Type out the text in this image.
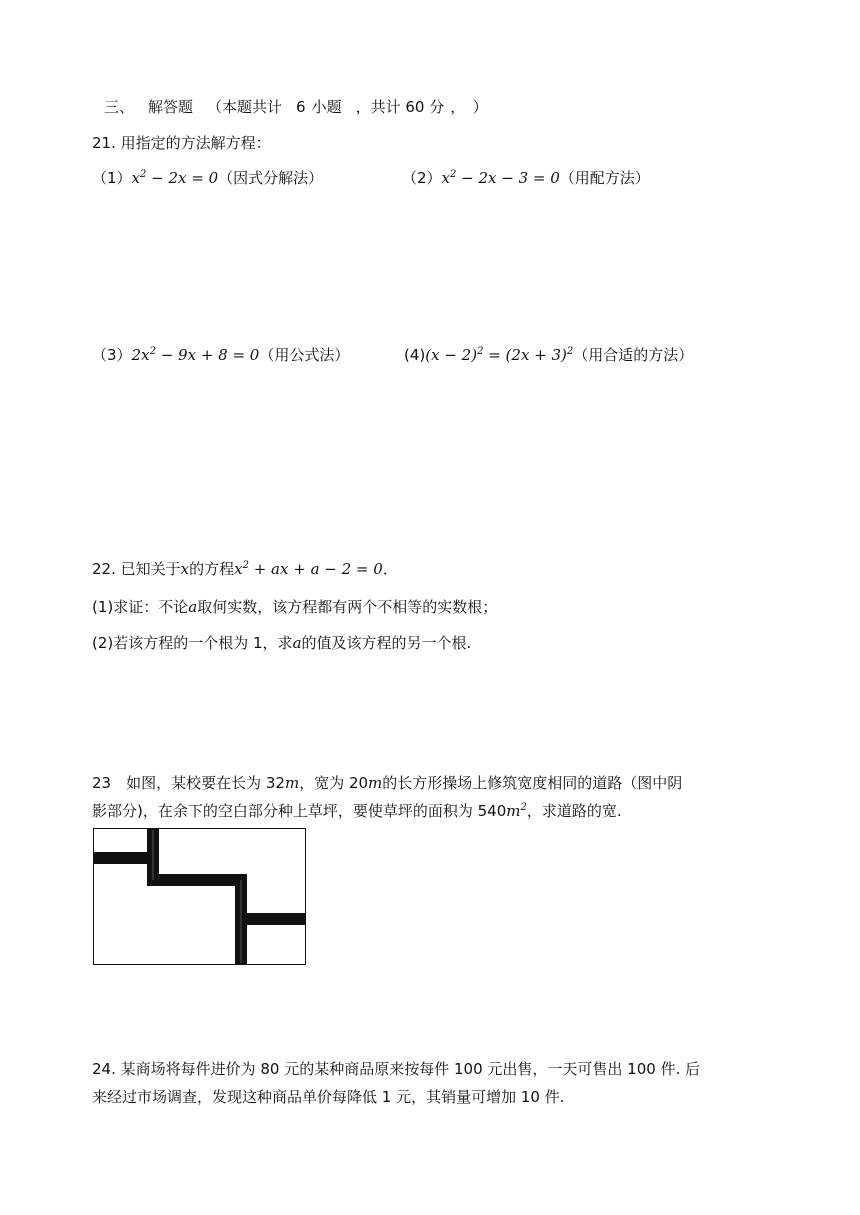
三、 解答题 （本题共计 6 小题 ，共计 60 分 ，　）
21. 用指定的方法解方程：
$(1)x^2 - 2x = 0$（因式分解法）	$(2)x^2 - 2x - 3 = 0$（用配方法）
$(3)2x^2 - 9x + 8 = 0$（用公式法）	$(4)(x - 2)^2 = (2x + 3)^2$（用合适的方法）
22. 已知关于x的方程$x^2$ + ax + a − 2 = 0．
(1)求证：不论a取何实数，该方程都有两个不相等的实数根；
(2)若该方程的一个根为 1，求a的值及该方程的另一个根.
23　如图，某校要在长为 32m，宽为 20m的长方形操场上修筑宽度相同的道路（图中阴
影部分)，在余下的空白部分种上草坪，要使草坪的面积为 $540m^2$，求道路的宽.
24. 某商场将每件进价为 80 元的某种商品原来按每件 100 元出售，一天可售出 100 件. 后
来经过市场调查，发现这种商品单价每降低 1 元，其销量可增加 10 件.
